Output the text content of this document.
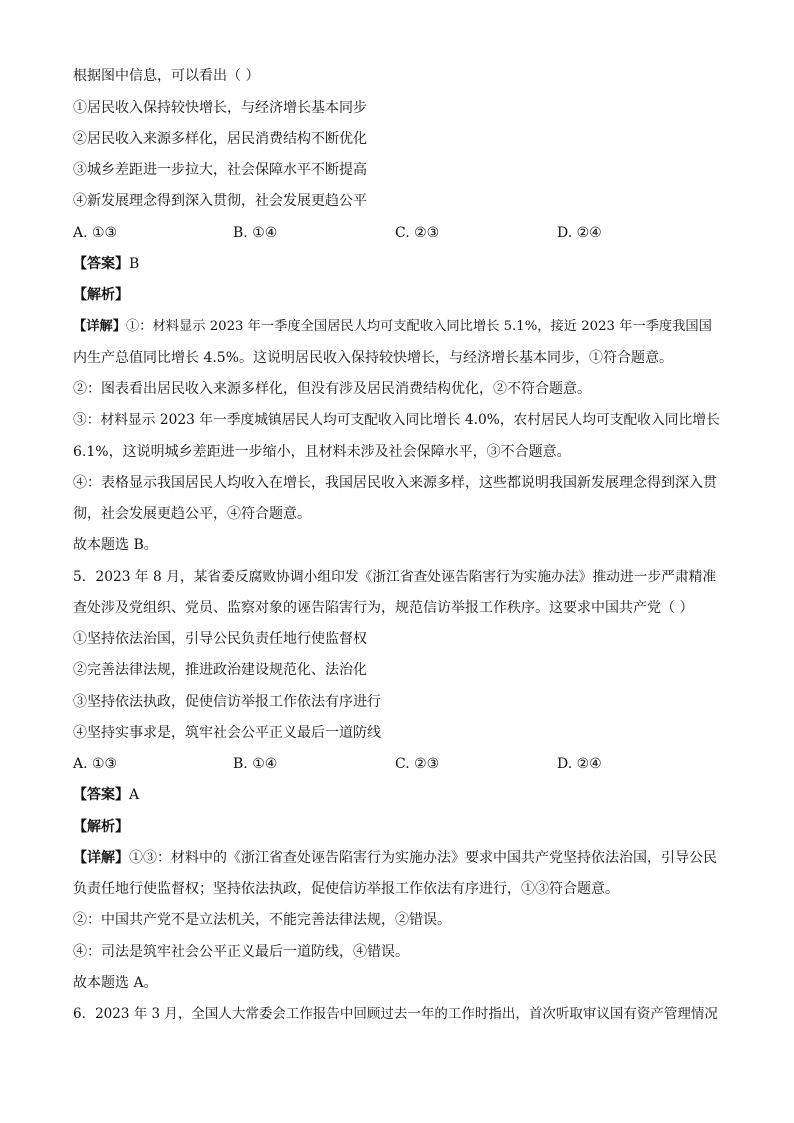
根据图中信息，可以看出（ ）
①居民收入保持较快增长，与经济增长基本同步
②居民收入来源多样化，居民消费结构不断优化
③城乡差距进一步拉大，社会保障水平不断提高
④新发展理念得到深入贯彻，社会发展更趋公平
A. ①③	B. ①④	C. ②③	D. ②④
【答案】B
【解析】
【详解】①：材料显示 2023 年一季度全国居民人均可支配收入同比增长 5.1%，接近 2023 年一季度我国国
内生产总值同比增长 4.5%。这说明居民收入保持较快增长，与经济增长基本同步，①符合题意。
②：图表看出居民收入来源多样化，但没有涉及居民消费结构优化，②不符合题意。
③：材料显示 2023 年一季度城镇居民人均可支配收入同比增长 4.0%，农村居民人均可支配收入同比增长
6.1%，这说明城乡差距进一步缩小，且材料未涉及社会保障水平，③不合题意。
④：表格显示我国居民人均收入在增长，我国居民收入来源多样，这些都说明我国新发展理念得到深入贯
彻，社会发展更趋公平，④符合题意。
故本题选 B。
5．2023 年 8 月，某省委反腐败协调小组印发《浙江省查处诬告陷害行为实施办法》推动进一步严肃精准
查处涉及党组织、党员、监察对象的诬告陷害行为，规范信访举报工作秩序。这要求中国共产党（ ）
①坚持依法治国，引导公民负责任地行使监督权
②完善法律法规，推进政治建设规范化、法治化
③坚持依法执政，促使信访举报工作依法有序进行
④坚持实事求是，筑牢社会公平正义最后一道防线
A. ①③	B. ①④	C. ②③	D. ②④
【答案】A
【解析】
【详解】①③：材料中的《浙江省查处诬告陷害行为实施办法》要求中国共产党坚持依法治国，引导公民
负责任地行使监督权；坚持依法执政，促使信访举报工作依法有序进行，①③符合题意。
②：中国共产党不是立法机关，不能完善法律法规，②错误。
④：司法是筑牢社会公平正义最后一道防线，④错误。
故本题选 A。
6．2023 年 3 月，全国人大常委会工作报告中回顾过去一年的工作时指出，首次听取审议国有资产管理情况
